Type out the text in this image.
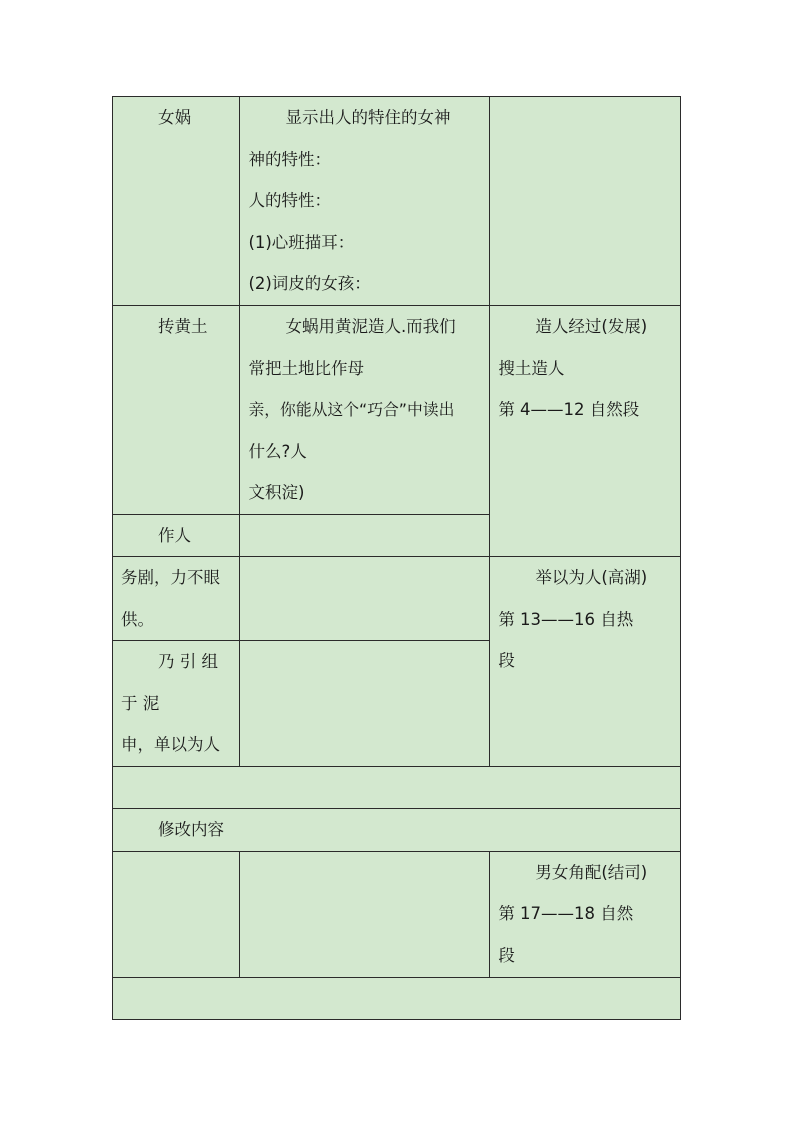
女娲	显示出人的特住的女神
神的特性：
人的特性：
(1)心班描耳：
(2)词皮的女孩：	

抟黄土	女蜗用黄泥造人.而我们
常把土地比作母
亲，你能从这个“巧合”中读出
什么?人
文积淀)	造人经过(发展)
搜土造人
第 4——12 自然段

作人		

务剧，力不眼
供。		举以为人(高湖)
第 13——16 自热
段

乃 引 组
于 泥
申，单以为人		

修改内容		

		男女角配(结司)
第 17——18 自然
段
